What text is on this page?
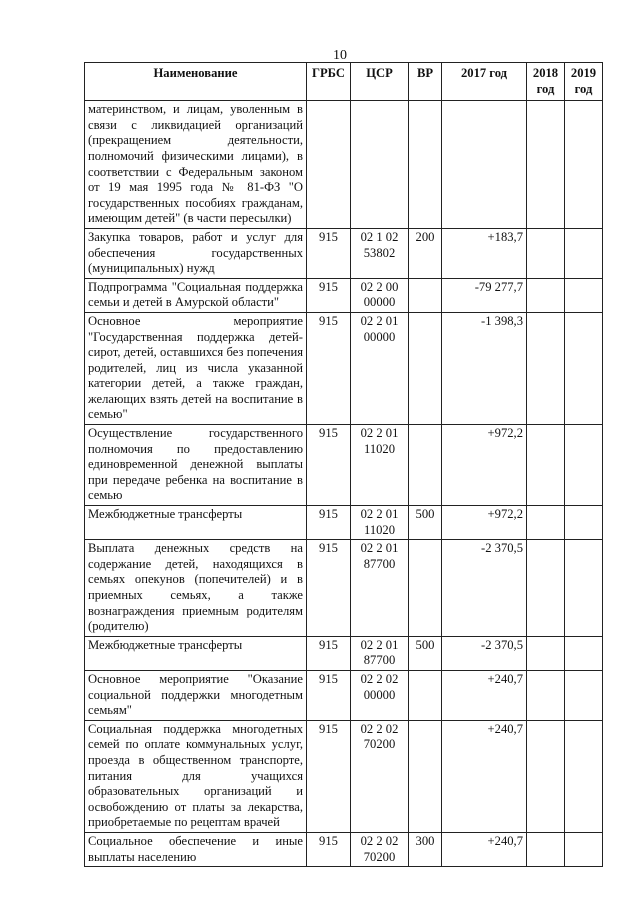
10
Наименование	ГРБС	ЦСР	ВР	2017 год	2018 год	2019 год
материнством, и лицам, уволенным в связи с ликвидацией организаций (прекращением деятельности, полномочий физическими лицами), в соответствии с Федеральным законом от 19 мая 1995 года № 81-ФЗ "О государственных пособиях гражданам, имеющим детей" (в части пересылки)						
Закупка товаров, работ и услуг для обеспечения государственных (муниципальных) нужд	915	02 1 02 53802	200	+183,7		
Подпрограмма "Социальная поддержка семьи и детей в Амурской области"	915	02 2 00 00000		-79 277,7		
Основное мероприятие "Государственная поддержка детей-сирот, детей, оставшихся без попечения родителей, лиц из числа указанной категории детей, а также граждан, желающих взять детей на воспитание в семью"	915	02 2 01 00000		-1 398,3		
Осуществление государственного полномочия по предоставлению единовременной денежной выплаты при передаче ребенка на воспитание в семью	915	02 2 01 11020		+972,2		
Межбюджетные трансферты	915	02 2 01 11020	500	+972,2		
Выплата денежных средств на содержание детей, находящихся в семьях опекунов (попечителей) и в приемных семьях, а также вознаграждения приемным родителям (родителю)	915	02 2 01 87700		-2 370,5		
Межбюджетные трансферты	915	02 2 01 87700	500	-2 370,5		
Основное мероприятие "Оказание социальной поддержки многодетным семьям"	915	02 2 02 00000		+240,7		
Социальная поддержка многодетных семей по оплате коммунальных услуг, проезда в общественном транспорте, питания для учащихся образовательных организаций и освобождению от платы за лекарства, приобретаемые по рецептам врачей	915	02 2 02 70200		+240,7		
Социальное обеспечение и иные выплаты населению	915	02 2 02 70200	300	+240,7		
